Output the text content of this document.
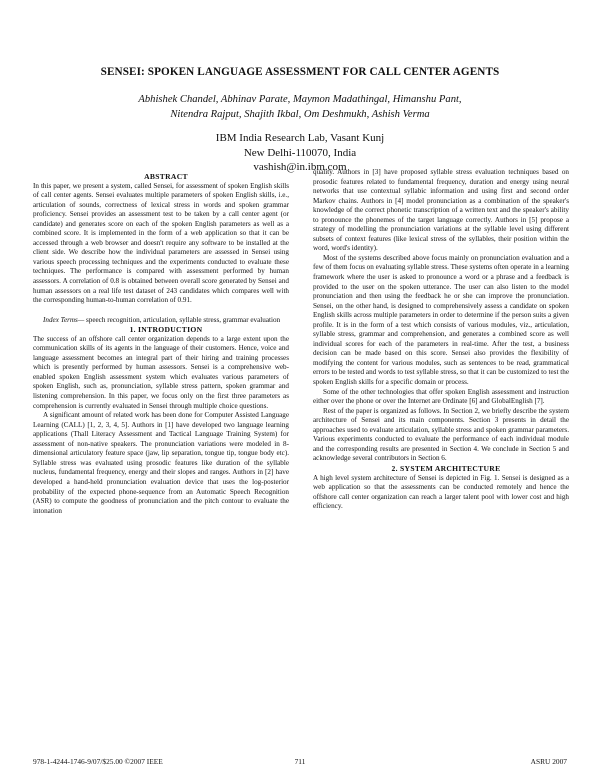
SENSEI: SPOKEN LANGUAGE ASSESSMENT FOR CALL CENTER AGENTS
Abhishek Chandel, Abhinav Parate, Maymon Madathingal, Himanshu Pant,
Nitendra Rajput, Shajith Ikbal, Om Deshmukh, Ashish Verma
IBM India Research Lab, Vasant Kunj
New Delhi-110070, India
vashish@in.ibm.com

ABSTRACT

In this paper, we present a system, called Sensei, for assessment of spoken English skills of call center agents. Sensei evaluates multiple parameters of spoken English skills, i.e., articulation of sounds, correctness of lexical stress in words and spoken grammar proficiency. Sensei provides an assessment test to be taken by a call center agent (or candidate) and generates score on each of the spoken English parameters as well as a combined score. It is implemented in the form of a web application so that it can be accessed through a web browser and doesn't require any software to be installed at the client side. We describe how the individual parameters are assessed in Sensei using various speech processing techniques and the experiments conducted to evaluate these techniques. The performance is compared with assessment performed by human assessors. A correlation of 0.8 is obtained between overall score generated by Sensei and human assessors on a real life test dataset of 243 candidates which compares well with the corresponding human-to-human correlation of 0.91.

Index Terms— speech recognition, articulation, syllable stress, grammar evaluation

1. INTRODUCTION

The success of an offshore call center organization depends to a large extent upon the communication skills of its agents in the language of their customers. Hence, voice and language assessment becomes an integral part of their hiring and training processes which is presently performed by human assessors. Sensei is a comprehensive web-enabled spoken English assessment system which evaluates various parameters of spoken English, such as, pronunciation, syllable stress pattern, spoken grammar and listening comprehension. In this paper, we focus only on the first three parameters as comprehension is currently evaluated in Sensei through multiple choice questions.

A significant amount of related work has been done for Computer Assisted Language Learning (CALL) [1, 2, 3, 4, 5]. Authors in [1] have developed two language learning applications (Thall Literacy Assessment and Tactical Language Training System) for assessment of non-native speakers. The pronunciation variations were modeled in 8-dimensional articulatory feature space (jaw, lip separation, tongue tip, tongue body etc). Syllable stress was evaluated using prosodic features like duration of the syllable nucleus, fundamental frequency, energy and their slopes and ranges. Authors in [2] have developed a hand-held pronunciation evaluation device that uses the log-posterior probability of the expected phone-sequence from an Automatic Speech Recognition (ASR) to compute the goodness of pronunciation and the pitch contour to evaluate the intonation

quality. Authors in [3] have proposed syllable stress evaluation techniques based on prosodic features related to fundamental frequency, duration and energy using neural networks that use contextual syllabic information and using first and second order Markov chains. Authors in [4] model pronunciation as a combination of the speaker's knowledge of the correct phonetic transcription of a written text and the speaker's ability to pronounce the phonemes of the target language correctly. Authors in [5] propose a strategy of modelling the pronunciation variations at the syllable level using different subsets of context features (like lexical stress of the syllables, their position within the word, word's identity).

Most of the systems described above focus mainly on pronunciation evaluation and a few of them focus on evaluating syllable stress. These systems often operate in a learning framework where the user is asked to pronounce a word or a phrase and a feedback is provided to the user on the spoken utterance. The user can also listen to the model pronunciation and then using the feedback he or she can improve the pronunciation. Sensei, on the other hand, is designed to comprehensively assess a candidate on spoken English skills across multiple parameters in order to determine if the person suits a given profile. It is in the form of a test which consists of various modules, viz., articulation, syllable stress, grammar and comprehension, and generates a combined score as well individual scores for each of the parameters in real-time. After the test, a business decision can be made based on this score. Sensei also provides the flexibility of modifying the content for various modules, such as sentences to be read, grammatical errors to be tested and words to test syllable stress, so that it can be customized to test the spoken English skills for a specific domain or process.

Some of the other technologies that offer spoken English assessment and instruction either over the phone or over the Internet are Ordinate [6] and GlobalEnglish [7].

Rest of the paper is organized as follows. In Section 2, we briefly describe the system architecture of Sensei and its main components. Section 3 presents in detail the approaches used to evaluate articulation, syllable stress and spoken grammar parameters. Various experiments conducted to evaluate the performance of each individual module and the corresponding results are presented in Section 4. We conclude in Section 5 and acknowledge several contributors in Section 6.

2. SYSTEM ARCHITECTURE

A high level system architecture of Sensei is depicted in Fig. 1. Sensei is designed as a web application so that the assessments can be conducted remotely and hence the offshore call center organization can reach a larger talent pool with lower cost and high efficiency.

978-1-4244-1746-9/07/$25.00 ©2007 IEEE	711	ASRU 2007
